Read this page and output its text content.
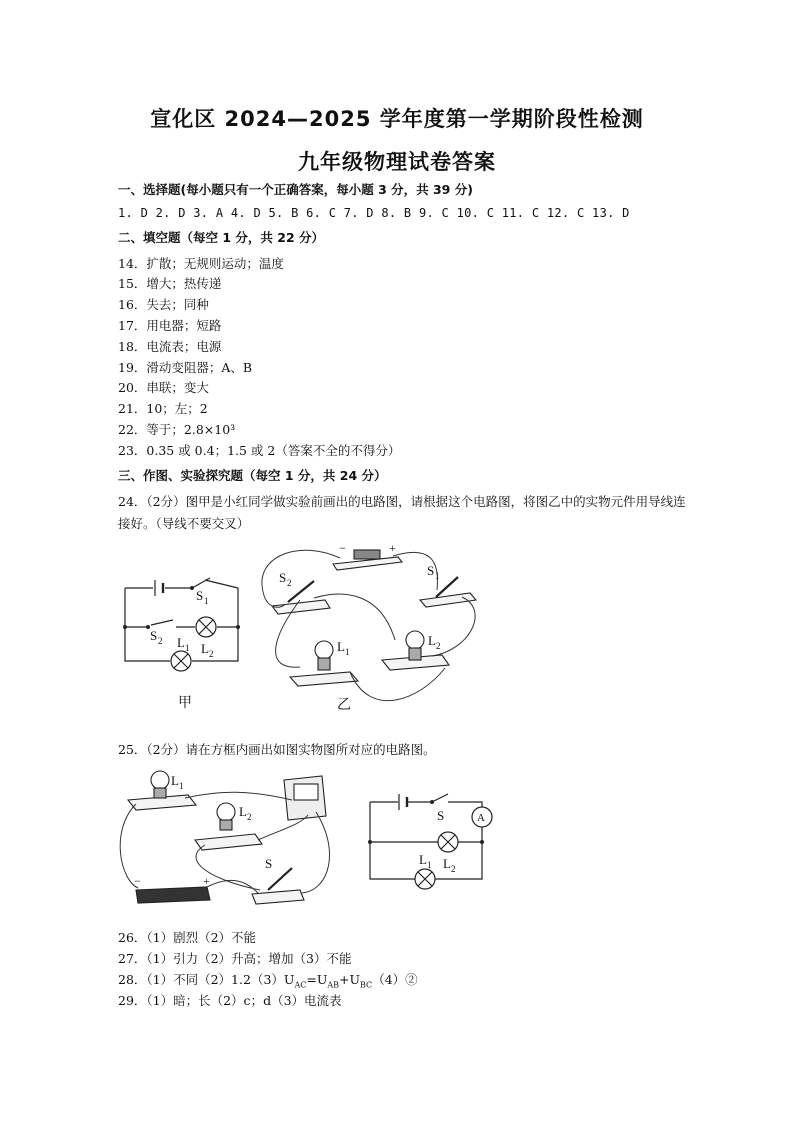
宣化区 2024—2025 学年度第一学期阶段性检测
九年级物理试卷答案
一、选择题(每小题只有一个正确答案，每小题 3 分，共 39 分)
1. D 2. D 3. A 4. D 5. B 6. C 7. D 8. B 9. C 10. C 11. C 12. C 13. D
二、填空题（每空 1 分，共 22 分）
14．扩散；无规则运动；温度
15．增大；热传递
16．失去；同种
17．用电器；短路
18．电流表；电源
19．滑动变阻器；A、B
20．串联；变大
21．10；左；2
22．等于；2.8×10³
23．0.35 或 0.4；1.5 或 2（答案不全的不得分）
三、作图、实验探究题（每空 1 分，共 24 分）
24．（2分）图甲是小红同学做实验前画出的电路图，请根据这个电路图，将图乙中的实物元件用导线连接好。（导线不要交叉）
S 1
S 2 L 1 L 2
−	+
S 1
S 2
L 1
L 2
L 1
L 2
S
−	+
A
S
L 1 L 2
甲	乙
25．（2分）请在方框内画出如图实物图所对应的电路图。
26．（1）剧烈（2）不能
27．（1）引力（2）升高；增加（3）不能
28．（1）不同$(2)1.2(3)U_{AC}=U_{AB}+U_{BC}(4)②$
29．（1）暗；长（2）c；d（3）电流表
